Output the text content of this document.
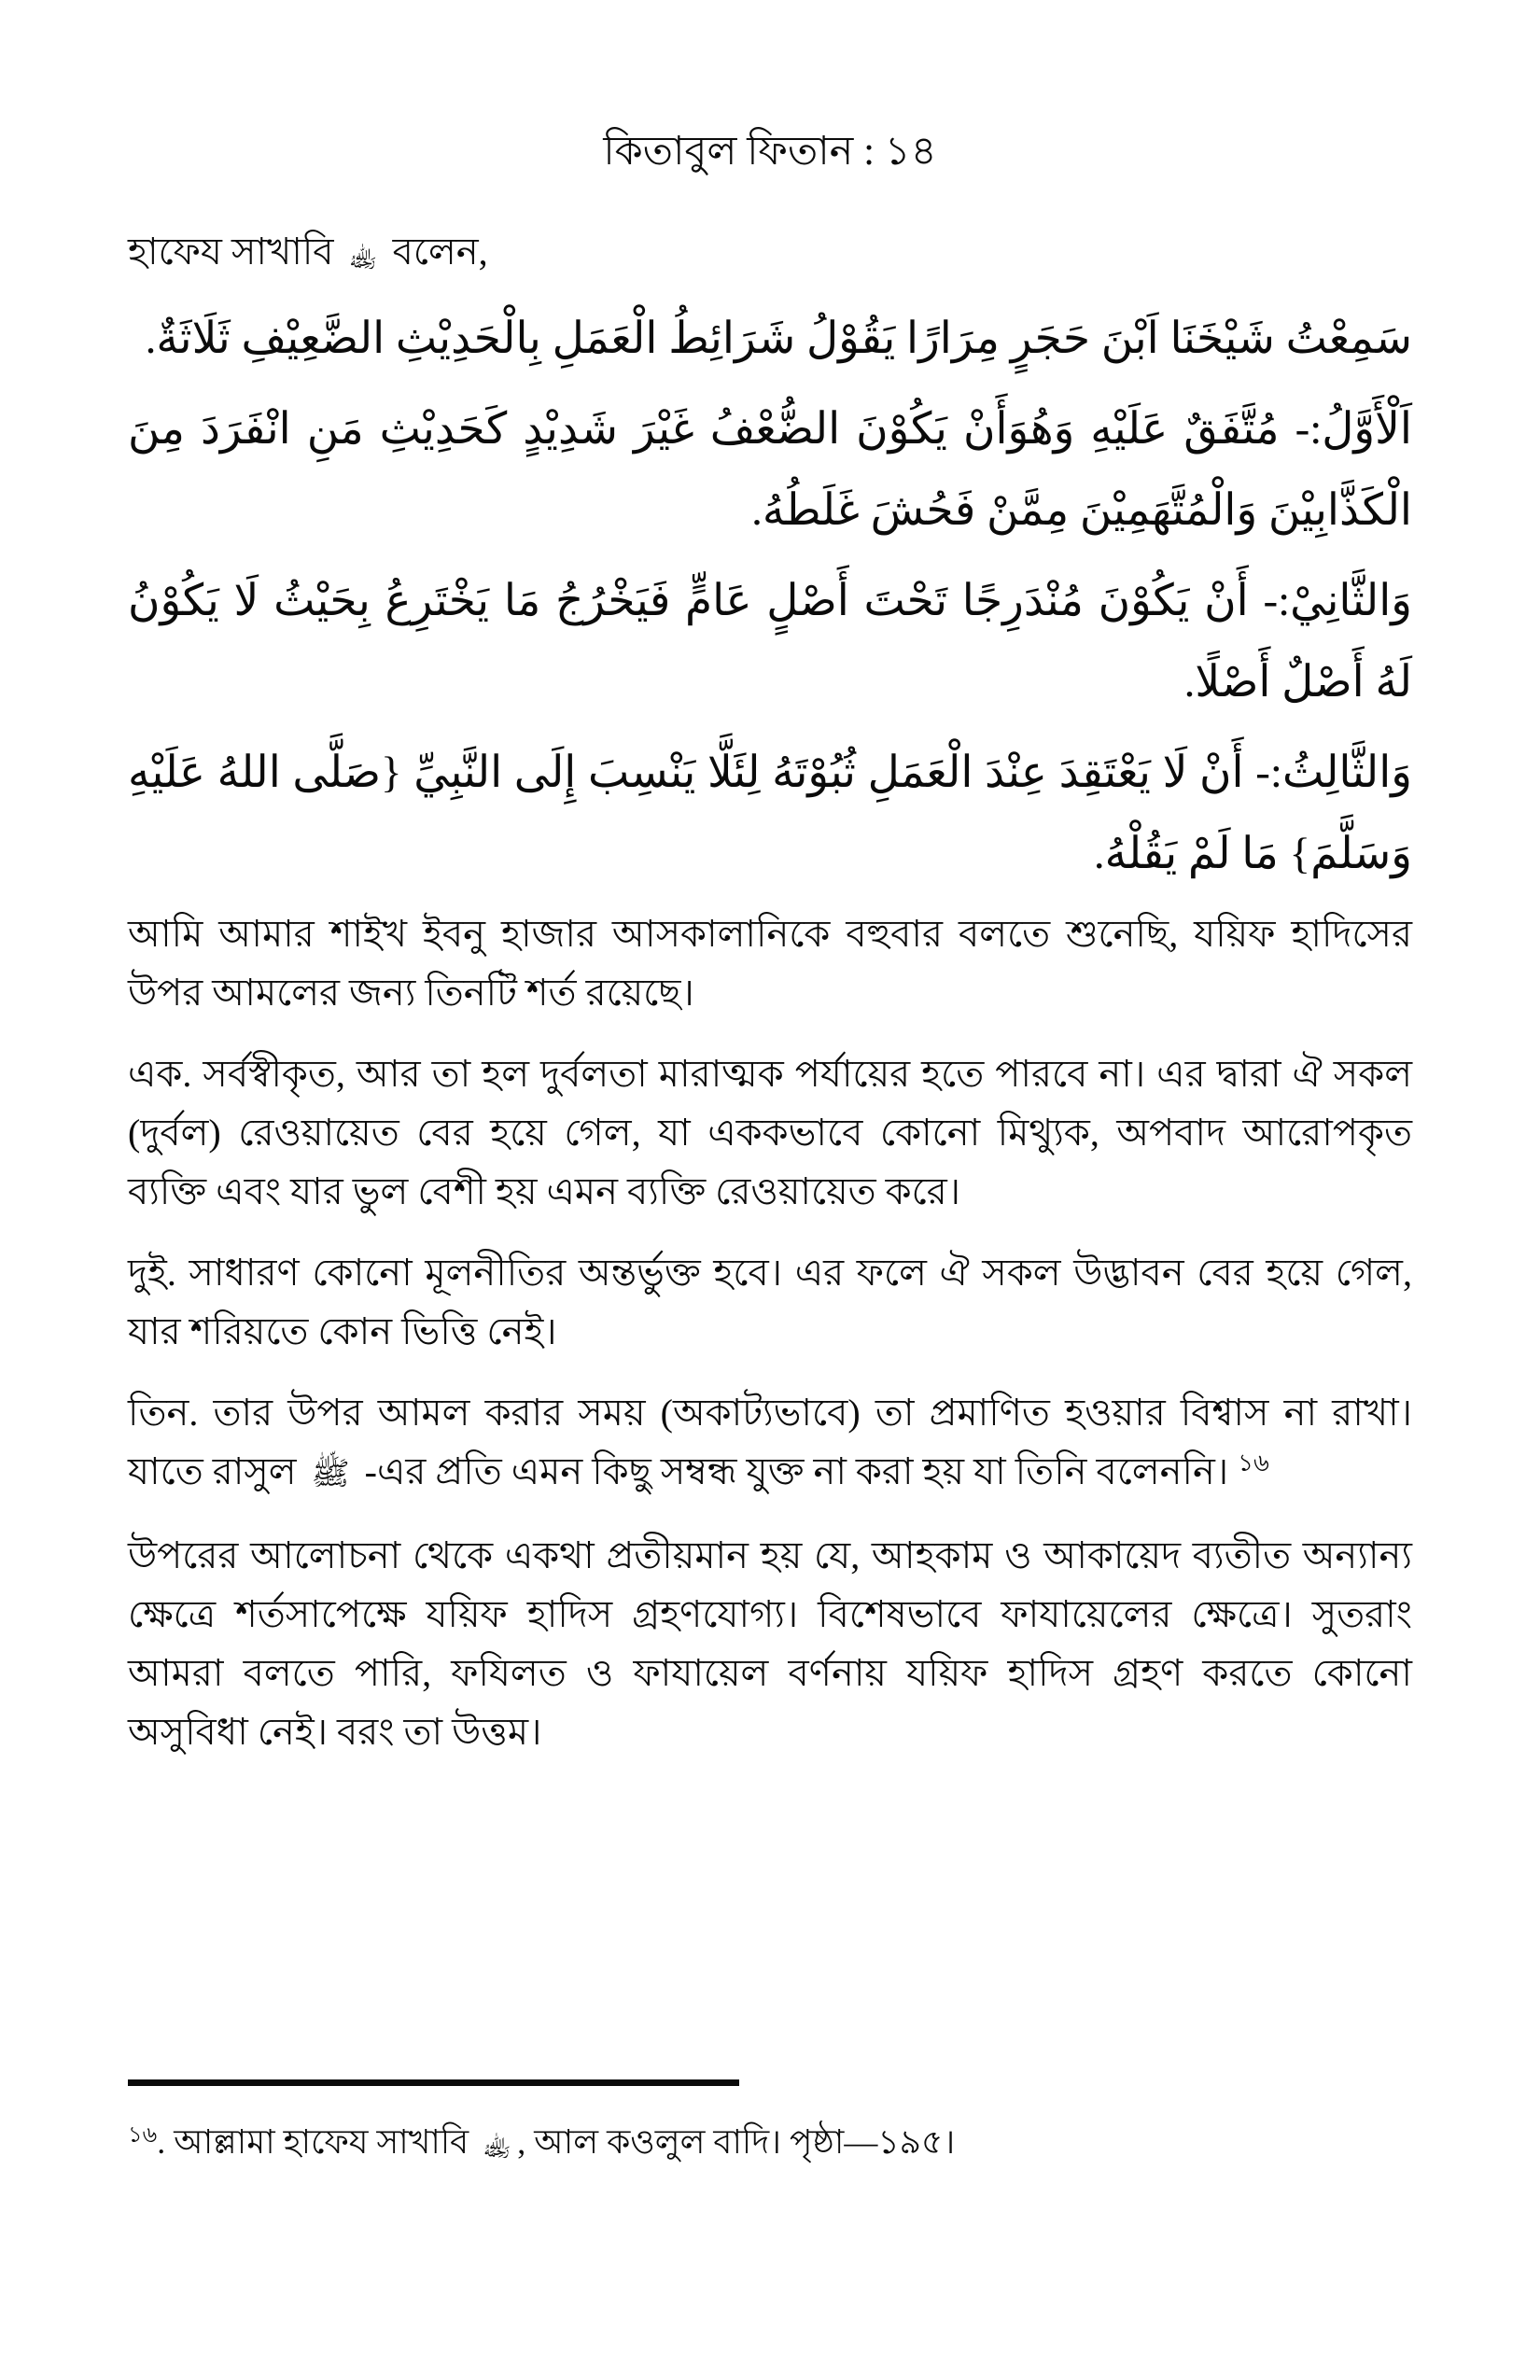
কিতাবুল ফিতান : ১৪
হাফেয সাখাবি ﵀ বলেন,

سَمِعْتُ شَيْخَنَا اَبْنَ حَجَرٍ مِرَارًا يَقُوْلُ شَرَائِطُ الْعَمَلِ بِالْحَدِيْثِ الضَّعِيْفِ ثَلَاثَةٌ.

اَلْأَوَّلُ:- مُتَّفَقٌ عَلَيْهِ وَهُوَأَنْ يَكُوْنَ الضُّعْفُ غَيْرَ شَدِيْدٍ كَحَدِيْثِ مَنِ انْفَرَدَ مِنَ الْكَذَّابِيْنَ وَالْمُتَّهَمِيْنَ مِمَّنْ فَحُشَ غَلَطُهُ.

وَالثَّانِيْ:- أَنْ يَكُوْنَ مُنْدَرِجًا تَحْتَ أَصْلٍ عَامٍّ فَيَخْرُجُ مَا يَخْتَرِعُ بِحَيْثُ لَا يَكُوْنُ لَهُ أَصْلٌ أَصْلًا.

وَالثَّالِثُ:- أَنْ لَا يَعْتَقِدَ عِنْدَ الْعَمَلِ ثُبُوْتَهُ لِئَلَّا يَنْسِبَ إِلَى النَّبِيِّ {صَلَّى اللهُ عَلَيْهِ وَسَلَّمَ} مَا لَمْ يَقُلْهُ.

আমি আমার শাইখ ইবনু হাজার আসকালানিকে বহুবার বলতে শুনেছি, যয়িফ হাদিসের উপর আমলের জন্য তিনটি শর্ত রয়েছে।

এক. সর্বস্বীকৃত, আর তা হল দুর্বলতা মারাত্মক পর্যায়ের হতে পারবে না। এর দ্বারা ঐ সকল (দুর্বল) রেওয়ায়েত বের হয়ে গেল, যা এককভাবে কোনো মিথ্যুক, অপবাদ আরোপকৃত ব্যক্তি এবং যার ভুল বেশী হয় এমন ব্যক্তি রেওয়ায়েত করে।

দুই. সাধারণ কোনো মূলনীতির অন্তর্ভুক্ত হবে। এর ফলে ঐ সকল উদ্ভাবন বের হয়ে গেল, যার শরিয়তে কোন ভিত্তি নেই।

তিন. তার উপর আমল করার সময় (অকাট্যভাবে) তা প্রমাণিত হওয়ার বিশ্বাস না রাখা। যাতে রাসুল ﷺ -এর প্রতি এমন কিছু সম্বন্ধ যুক্ত না করা হয় যা তিনি বলেননি। $^{১৬}$

উপরের আলোচনা থেকে একথা প্রতীয়মান হয় যে, আহকাম ও আকায়েদ ব্যতীত অন্যান্য ক্ষেত্রে শর্তসাপেক্ষে যয়িফ হাদিস গ্রহণযোগ্য। বিশেষভাবে ফাযায়েলের ক্ষেত্রে। সুতরাং আমরা বলতে পারি, ফযিলত ও ফাযায়েল বর্ণনায় যয়িফ হাদিস গ্রহণ করতে কোনো অসুবিধা নেই। বরং তা উত্তম।

$^{১৬}$. আল্লামা হাফেয সাখাবি ﵀ , আল কওলুল বাদি। পৃষ্ঠা—১৯৫।
